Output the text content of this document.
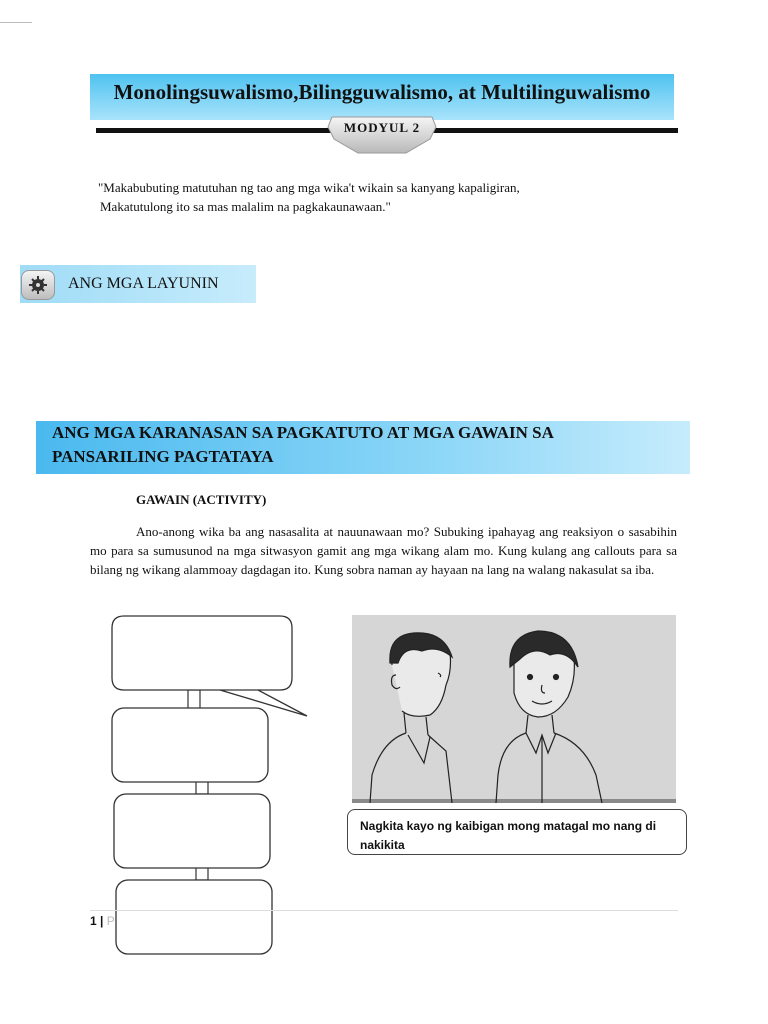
Monolingsuwalismo,Bilingguwalismo, at Multilinguwalismo
MODYUL 2
"Makabubuting matutuhan ng tao ang mga wika't wikain sa kanyang kapaligiran,
Makatutulong ito sa mas malalim na pagkakaunawaan."
ANG MGA LAYUNIN
ANG MGA KARANASAN SA PAGKATUTO AT MGA GAWAIN SA
PANSARILING PAGTATAYA
GAWAIN (ACTIVITY)
Ano-anong wika ba ang nasasalita at nauunawaan mo? Subuking ipahayag ang reaksiyon o sasabihin mo para sa sumusunod na mga sitwasyon gamit ang mga wikang alam mo. Kung kulang ang callouts para sa bilang ng wikang alammoay dagdagan ito. Kung sobra naman ay hayaan na lang na walang nakasulat sa iba.
Nagkita kayo ng kaibigan mong matagal mo nang di nakikita
1 | P
